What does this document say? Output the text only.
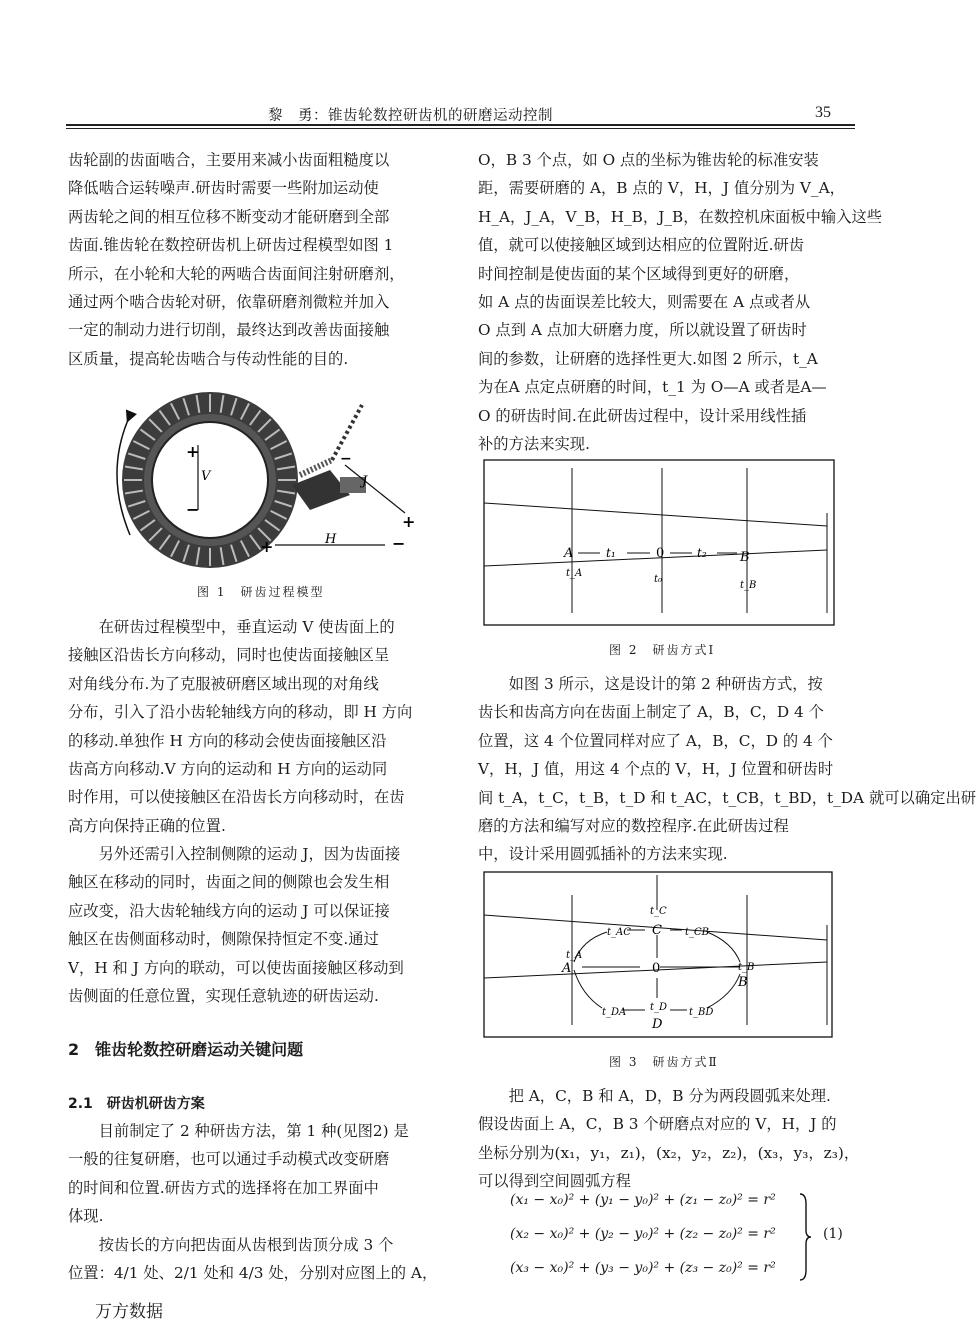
黎　勇：锥齿轮数控研齿机的研磨运动控制	35
齿轮副的齿面啮合，主要用来减小齿面粗糙度以
降低啮合运转噪声.研齿时需要一些附加运动使
两齿轮之间的相互位移不断变动才能研磨到全部
齿面.锥齿轮在数控研齿机上研齿过程模型如图 1
所示，在小轮和大轮的两啮合齿面间注射研磨剂，
通过两个啮合齿轮对研，依靠研磨剂微粒并加入
一定的制动力进行切削，最终达到改善齿面接触
区质量，提高轮齿啮合与传动性能的目的.
+
−
V
+	−
H
−
+
J
图 1　研齿过程模型
在研齿过程模型中，垂直运动 V 使齿面上的
接触区沿齿长方向移动，同时也使齿面接触区呈
对角线分布.为了克服被研磨区域出现的对角线
分布，引入了沿小齿轮轴线方向的移动，即 H 方向
的移动.单独作 H 方向的移动会使齿面接触区沿
齿高方向移动.V 方向的运动和 H 方向的运动同
时作用，可以使接触区在沿齿长方向移动时，在齿
高方向保持正确的位置.
另外还需引入控制侧隙的运动 J，因为齿面接
触区在移动的同时，齿面之间的侧隙也会发生相
应改变，沿大齿轮轴线方向的运动 J 可以保证接
触区在齿侧面移动时，侧隙保持恒定不变.通过
V，H 和 J 方向的联动，可以使齿面接触区移动到
齿侧面的任意位置，实现任意轨迹的研齿运动.
2　锥齿轮数控研磨运动关键问题
2.1　研齿机研齿方案
目前制定了 2 种研齿方法，第 1 种(见图2) 是
一般的往复研磨，也可以通过手动模式改变研磨
的时间和位置.研齿方式的选择将在加工界面中
体现.
按齿长的方向把齿面从齿根到齿顶分成 3 个
位置：4/1 处、2/1 处和 4/3 处，分别对应图上的 A，
万方数据
O，B 3 个点，如 O 点的坐标为锥齿轮的标准安装
距，需要研磨的 A，B 点的 V，H，J 值分别为 V_A，
H_A，J_A，V_B，H_B，J_B，在数控机床面板中输入这些
值，就可以使接触区域到达相应的位置附近.研齿
时间控制是使齿面的某个区域得到更好的研磨，
如 A 点的齿面误差比较大，则需要在 A 点或者从
O 点到 A 点加大研磨力度，所以就设置了研齿时
间的参数，让研磨的选择性更大.如图 2 所示，t_A
为在A 点定点研磨的时间，t_1 为 O—A 或者是A—
O 的研齿时间.在此研齿过程中，设计采用线性插
补的方法来实现.
A	t₁	0	t₂	B
t_A
t₀
t_B
图 2　研齿方式Ⅰ
如图 3 所示，这是设计的第 2 种研齿方式，按
齿长和齿高方向在齿面上制定了 A，B，C，D 4 个
位置，这 4 个位置同样对应了 A，B，C，D 的 4 个
V，H，J 值，用这 4 个点的 V，H，J 位置和研齿时
间 t_A，t_C，t_B，t_D 和 t_AC，t_CB，t_BD，t_DA 就可以确定出研
磨的方法和编写对应的数控程序.在此研齿过程
中，设计采用圆弧插补的方法来实现.
A
t_A
C
t_C
0
t_D
D
B
t_B
t_AC	t_CB
t_DA	t_BD
图 3　研齿方式Ⅱ
把 A，C，B 和 A，D，B 分为两段圆弧来处理.
假设齿面上 A，C，B 3 个研磨点对应的 V，H，J 的
坐标分别为(x₁，y₁，z₁)，(x₂，y₂，z₂)，(x₃，y₃，z₃)，
可以得到空间圆弧方程
(x₁ − x₀)² + (y₁ − y₀)² + (z₁ − z₀)² = r²
(x₂ − x₀)² + (y₂ − y₀)² + (z₂ − z₀)² = r²
(x₃ − x₀)² + (y₃ − y₀)² + (z₃ − z₀)² = r²
(1)
